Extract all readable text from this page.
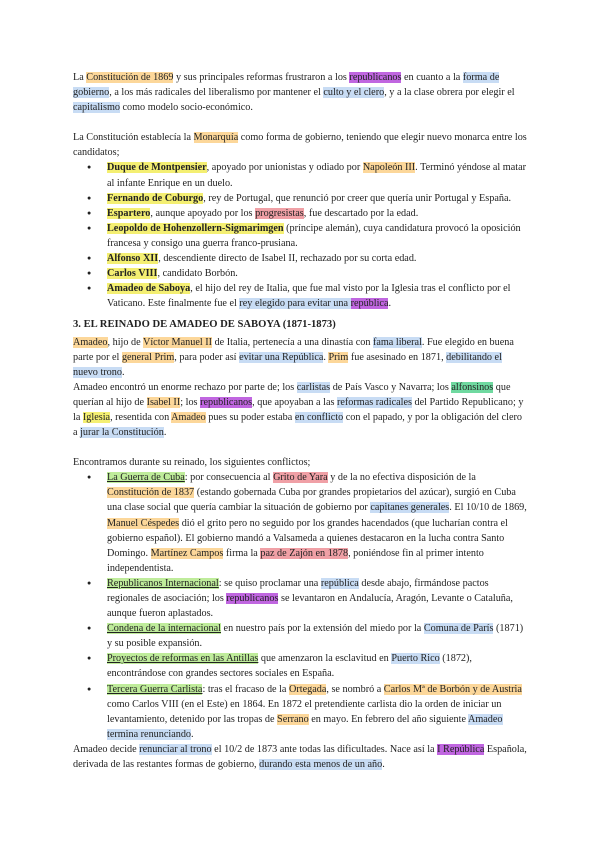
La Constitución de 1869 y sus principales reformas frustraron a los republicanos en cuanto a la forma de gobierno, a los más radicales del liberalismo por mantener el culto y el clero, y a la clase obrera por elegir el capitalismo como modelo socio-económico.

La Constitución establecía la Monarquía como forma de gobierno, teniendo que elegir nuevo monarca entre los candidatos;

● Duque de Montpensier, apoyado por unionistas y odiado por Napoleón III. Terminó yéndose al matar al infante Enrique en un duelo.
● Fernando de Coburgo, rey de Portugal, que renunció por creer que quería unir Portugal y España.
● Espartero, aunque apoyado por los progresistas, fue descartado por la edad.
● Leopoldo de Hohenzollern-Sigmarimgen (príncipe alemán), cuya candidatura provocó la oposición francesa y consigo una guerra franco-prusiana.
● Alfonso XII, descendiente directo de Isabel II, rechazado por su corta edad.
● Carlos VIII, candidato Borbón.
● Amadeo de Saboya, el hijo del rey de Italia, que fue mal visto por la Iglesia tras el conflicto por el Vaticano. Este finalmente fue el rey elegido para evitar una república.
3. EL REINADO DE AMADEO DE SABOYA (1871-1873)

Amadeo, hijo de Víctor Manuel II de Italia, pertenecía a una dinastía con fama liberal. Fue elegido en buena parte por el general Prim, para poder así evitar una República. Prim fue asesinado en 1871, debilitando el nuevo trono.

Amadeo encontró un enorme rechazo por parte de; los carlistas de País Vasco y Navarra; los alfonsinos que querían al hijo de Isabel II; los republicanos, que apoyaban a las reformas radicales del Partido Republicano; y la Iglesia, resentida con Amadeo pues su poder estaba en conflicto con el papado, y por la obligación del clero a jurar la Constitución.

Encontramos durante su reinado, los siguientes conflictos;

● La Guerra de Cuba: por consecuencia al Grito de Yara y de la no efectiva disposición de la Constitución de 1837 (estando gobernada Cuba por grandes propietarios del azúcar), surgió en Cuba una clase social que quería cambiar la situación de gobierno por capitanes generales. El 10/10 de 1869, Manuel Céspedes dió el grito pero no seguido por los grandes hacendados (que lucharían contra el gobierno español). El gobierno mandó a Valsameda a quienes destacaron en la lucha contra Santo Domingo. Martínez Campos firma la paz de Zajón en 1878, poniéndose fin al primer intento independentista.
● Republicanos Internacional: se quiso proclamar una república desde abajo, firmándose pactos regionales de asociación; los republicanos se levantaron en Andalucía, Aragón, Levante o Cataluña, aunque fueron aplastados.
● Condena de la internacional en nuestro país por la extensión del miedo por la Comuna de París (1871) y su posible expansión.
● Proyectos de reformas en las Antillas que amenzaron la esclavitud en Puerto Rico (1872), encontrándose con grandes sectores sociales en España.
● Tercera Guerra Carlista: tras el fracaso de la Ortegada, se nombró a Carlos Mª de Borbón y de Austria como Carlos VIII (en el Este) en 1864. En 1872 el pretendiente carlista dio la orden de iniciar un levantamiento, detenido por las tropas de Serrano en mayo. En febrero del año siguiente Amadeo termina renunciando.

Amadeo decide renunciar al trono el 10/2 de 1873 ante todas las dificultades. Nace así la I República Española, derivada de las restantes formas de gobierno, durando esta menos de un año.
